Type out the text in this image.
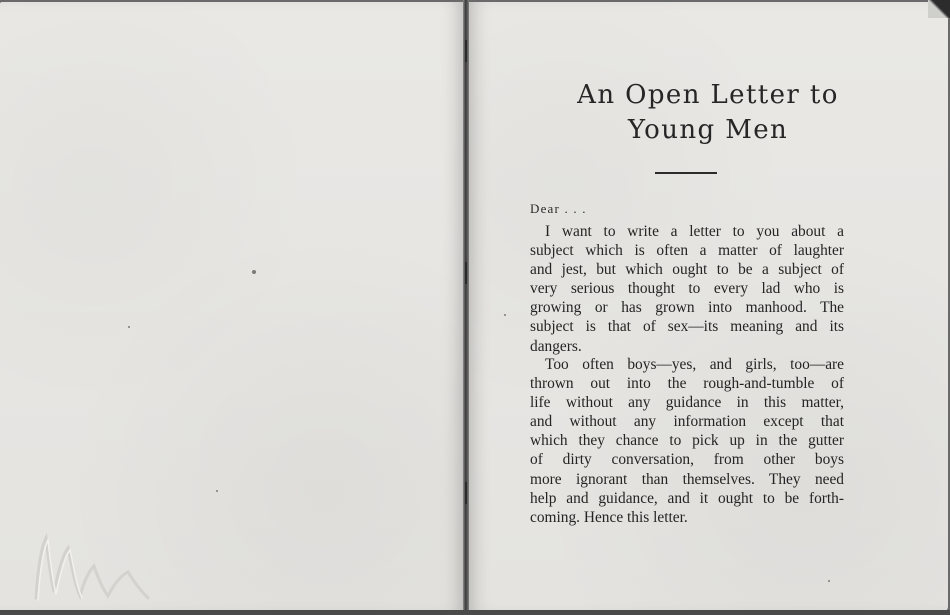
An Open Letter to
Young Men

Dear . . .

I want to write a letter to you about a
subject which is often a matter of laughter
and jest, but which ought to be a subject of
very serious thought to every lad who is
growing or has grown into manhood. The
subject is that of sex—its meaning and its
dangers.

Too often boys—yes, and girls, too—are
thrown out into the rough-and-tumble of
life without any guidance in this matter,
and without any information except that
which they chance to pick up in the gutter
of dirty conversation, from other boys
more ignorant than themselves. They need
help and guidance, and it ought to be forth-
coming. Hence this letter.
